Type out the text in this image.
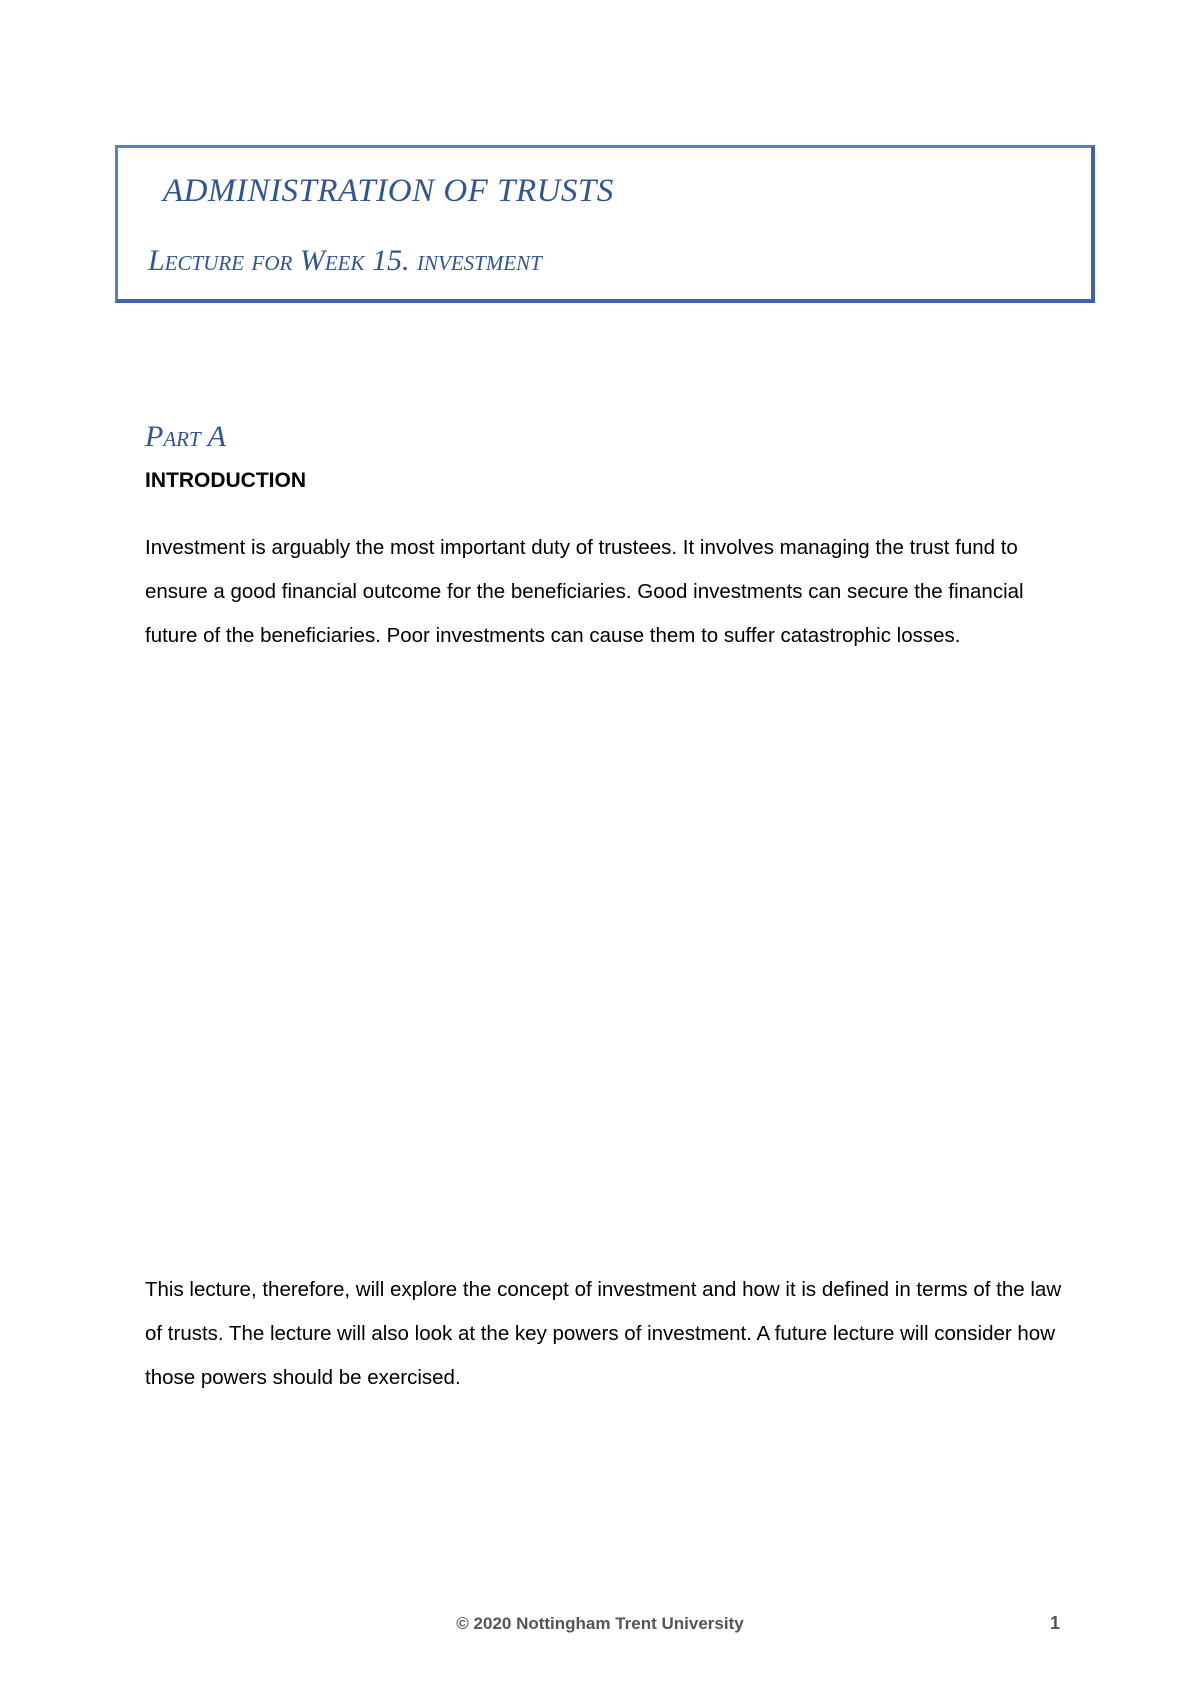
ADMINISTRATION OF TRUSTS
Lecture for Week 15. investment
Part A
INTRODUCTION

Investment is arguably the most important duty of trustees. It involves managing the trust fund to ensure a good financial outcome for the beneficiaries. Good investments can secure the financial future of the beneficiaries. Poor investments can cause them to suffer catastrophic losses.

This lecture, therefore, will explore the concept of investment and how it is defined in terms of the law of trusts. The lecture will also look at the key powers of investment. A future lecture will consider how those powers should be exercised.

© 2020 Nottingham Trent University	1
